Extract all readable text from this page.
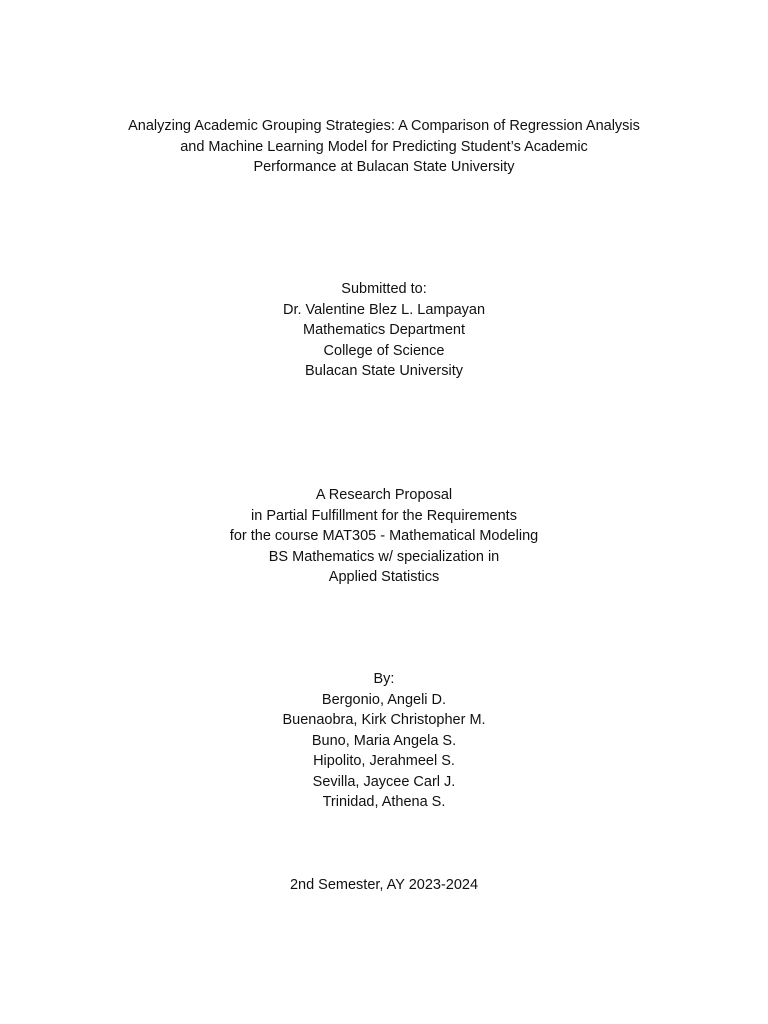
Analyzing Academic Grouping Strategies: A Comparison of Regression Analysis
and Machine Learning Model for Predicting Student’s Academic
Performance at Bulacan State University
Submitted to:
Dr. Valentine Blez L. Lampayan
Mathematics Department
College of Science
Bulacan State University
A Research Proposal
in Partial Fulfillment for the Requirements
for the course MAT305 - Mathematical Modeling
BS Mathematics w/ specialization in
Applied Statistics
By:
Bergonio, Angeli D.
Buenaobra, Kirk Christopher M.
Buno, Maria Angela S.
Hipolito, Jerahmeel S.
Sevilla, Jaycee Carl J.
Trinidad, Athena S.
2nd Semester, AY 2023-2024
